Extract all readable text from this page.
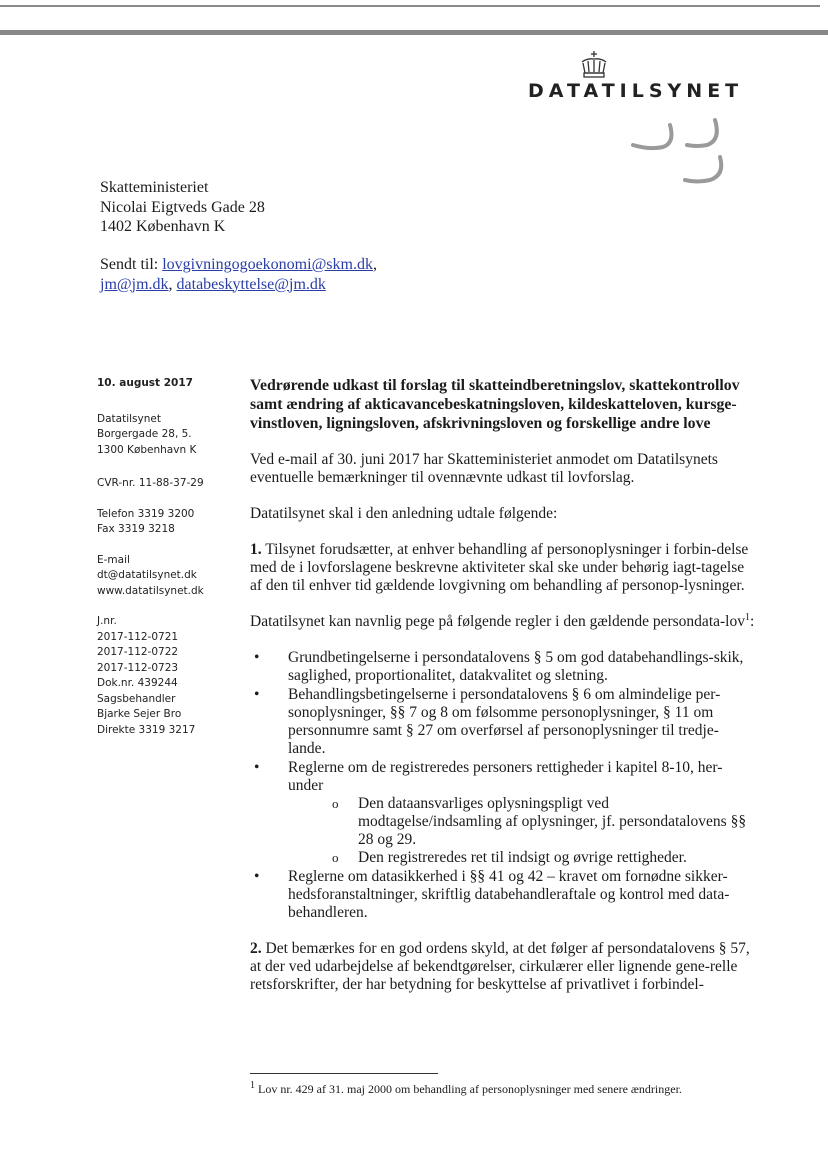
DATATILSYNET
Skatteministeriet
Nicolai Eigtveds Gade 28
1402 København K
Sendt til: lovgivningogoekonomi@skm.dk,
jm@jm.dk, databeskyttelse@jm.dk
10. august 2017
Datatilsynet
Borgergade 28, 5.
1300 København K
CVR-nr. 11-88-37-29
Telefon 3319 3200
Fax 3319 3218
E-mail
dt@datatilsynet.dk
www.datatilsynet.dk
J.nr.
2017-112-0721
2017-112-0722
2017-112-0723
Dok.nr. 439244
Sagsbehandler
Bjarke Sejer Bro
Direkte 3319 3217
Vedrørende udkast til forslag til skatteindberetningslov, skattekontrollov samt ændring af akticavancebeskatningsloven, kildeskatteloven, kursge-vinstloven, ligningsloven, afskrivningsloven og forskellige andre love

Ved e-mail af 30. juni 2017 har Skatteministeriet anmodet om Datatilsynets eventuelle bemærkninger til ovennævnte udkast til lovforslag.

Datatilsynet skal i den anledning udtale følgende:

1. Tilsynet forudsætter, at enhver behandling af personoplysninger i forbin-delse med de i lovforslagene beskrevne aktiviteter skal ske under behørig iagt-tagelse af den til enhver tid gældende lovgivning om behandling af personop-lysninger.

Datatilsynet kan navnlig pege på følgende regler i den gældende persondata-lov$^1$:

• Grundbetingelserne i persondatalovens § 5 om god databehandlings-skik, saglighed, proportionalitet, datakvalitet og sletning.
• Behandlingsbetingelserne i persondatalovens § 6 om almindelige per-sonoplysninger, §§ 7 og 8 om følsomme personoplysninger, § 11 om personnumre samt § 27 om overførsel af personoplysninger til tredje-lande.
• Reglerne om de registreredes personers rettigheder i kapitel 8-10, her-under
o Den dataansvarliges oplysningspligt ved modtagelse/indsamling af oplysninger, jf. persondatalovens §§ 28 og 29.
o Den registreredes ret til indsigt og øvrige rettigheder.
• Reglerne om datasikkerhed i §§ 41 og 42 – kravet om fornødne sikker-hedsforanstaltninger, skriftlig databehandleraftale og kontrol med data-behandleren.

2. Det bemærkes for en god ordens skyld, at det følger af persondatalovens § 57, at der ved udarbejdelse af bekendtgørelser, cirkulærer eller lignende gene-relle retsforskrifter, der har betydning for beskyttelse af privatlivet i forbindel-

$^1$ Lov nr. 429 af 31. maj 2000 om behandling af personoplysninger med senere ændringer.
